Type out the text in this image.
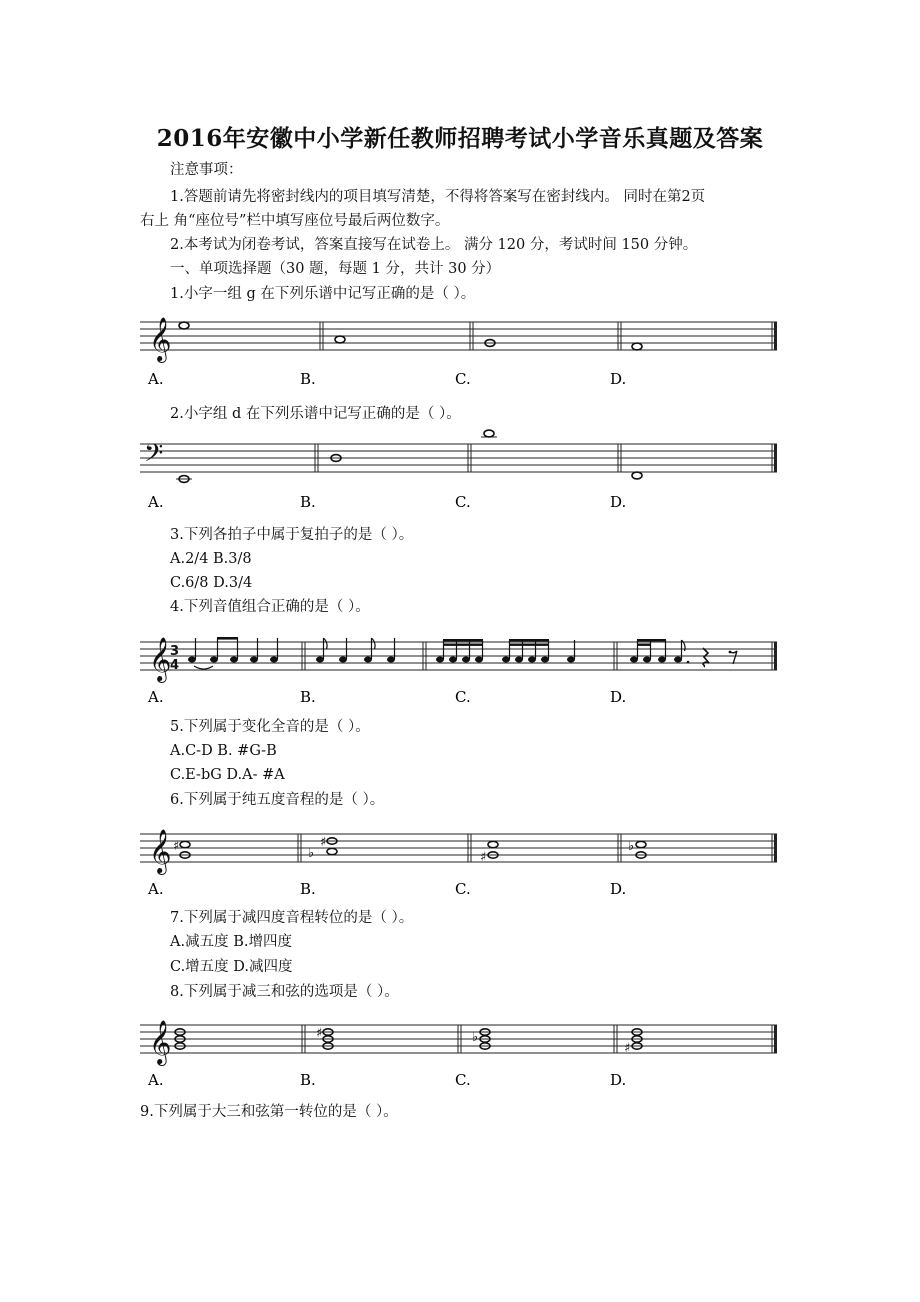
2016年安徽中小学新任教师招聘考试小学音乐真题及答案
注意事项：
1.答题前请先将密封线内的项目填写清楚，不得将答案写在密封线内。 同时在第2页
右上 角“座位号”栏中填写座位号最后两位数字。
2.本考试为闭卷考试，答案直接写在试卷上。 满分 120 分，考试时间 150 分钟。
一、单项选择题（30 题，每题 1 分，共计 30 分）
1.小字一组 g 在下列乐谱中记写正确的是（ ）。
𝄞
A.	B.	C.	D.
2.小字组 d 在下列乐谱中记写正确的是（ ）。
𝄢
A.	B.	C.	D.
3.下列各拍子中属于复拍子的是（ ）。
A.2/4 B.3/8
C.6/8 D.3/4
4.下列音值组合正确的是（ ）。
𝄞
3
4
A.	B.	C.	D.
5.下列属于变化全音的是（ ）。
A.C-D B. #G-B
C.E-bG D.A- #A
6.下列属于纯五度音程的是（ ）。
𝄞 ♯	♭
♯
♯
♭
A.	B.	C.	D.
7.下列属于减四度音程转位的是（ ）。
A.减五度 B.增四度
C.增五度 D.减四度
8.下列属于减三和弦的选项是（ ）。
𝄞	♯	♭
♯
A.	B.	C.	D.
9.下列属于大三和弦第一转位的是（ ）。
